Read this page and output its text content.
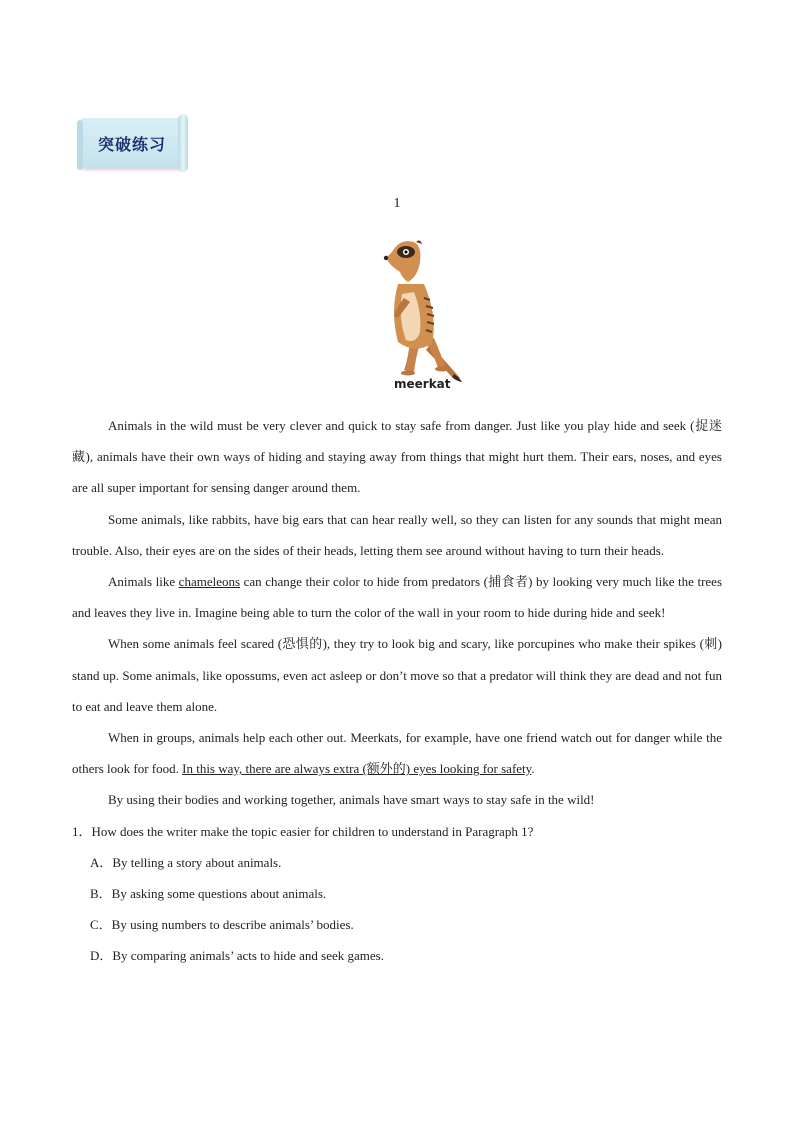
突破练习
1
meerkat

Animals in the wild must be very clever and quick to stay safe from danger. Just like you play hide and seek (捉迷藏), animals have their own ways of hiding and staying away from things that might hurt them. Their ears, noses, and eyes are all super important for sensing danger around them.

Some animals, like rabbits, have big ears that can hear really well, so they can listen for any sounds that might mean trouble. Also, their eyes are on the sides of their heads, letting them see around without having to turn their heads.

Animals like chameleons can change their color to hide from predators (捕食者) by looking very much like the trees and leaves they live in. Imagine being able to turn the color of the wall in your room to hide during hide and seek!

When some animals feel scared (恐惧的), they try to look big and scary, like porcupines who make their spikes (刺) stand up. Some animals, like opossums, even act asleep or don’t move so that a predator will think they are dead and not fun to eat and leave them alone.

When in groups, animals help each other out. Meerkats, for example, have one friend watch out for danger while the others look for food. In this way, there are always extra (额外的) eyes looking for safety.

By using their bodies and working together, animals have smart ways to stay safe in the wild!

1．How does the writer make the topic easier for children to understand in Paragraph 1?
A．By telling a story about animals.
B．By asking some questions about animals.
C．By using numbers to describe animals’ bodies.
D．By comparing animals’ acts to hide and seek games.
